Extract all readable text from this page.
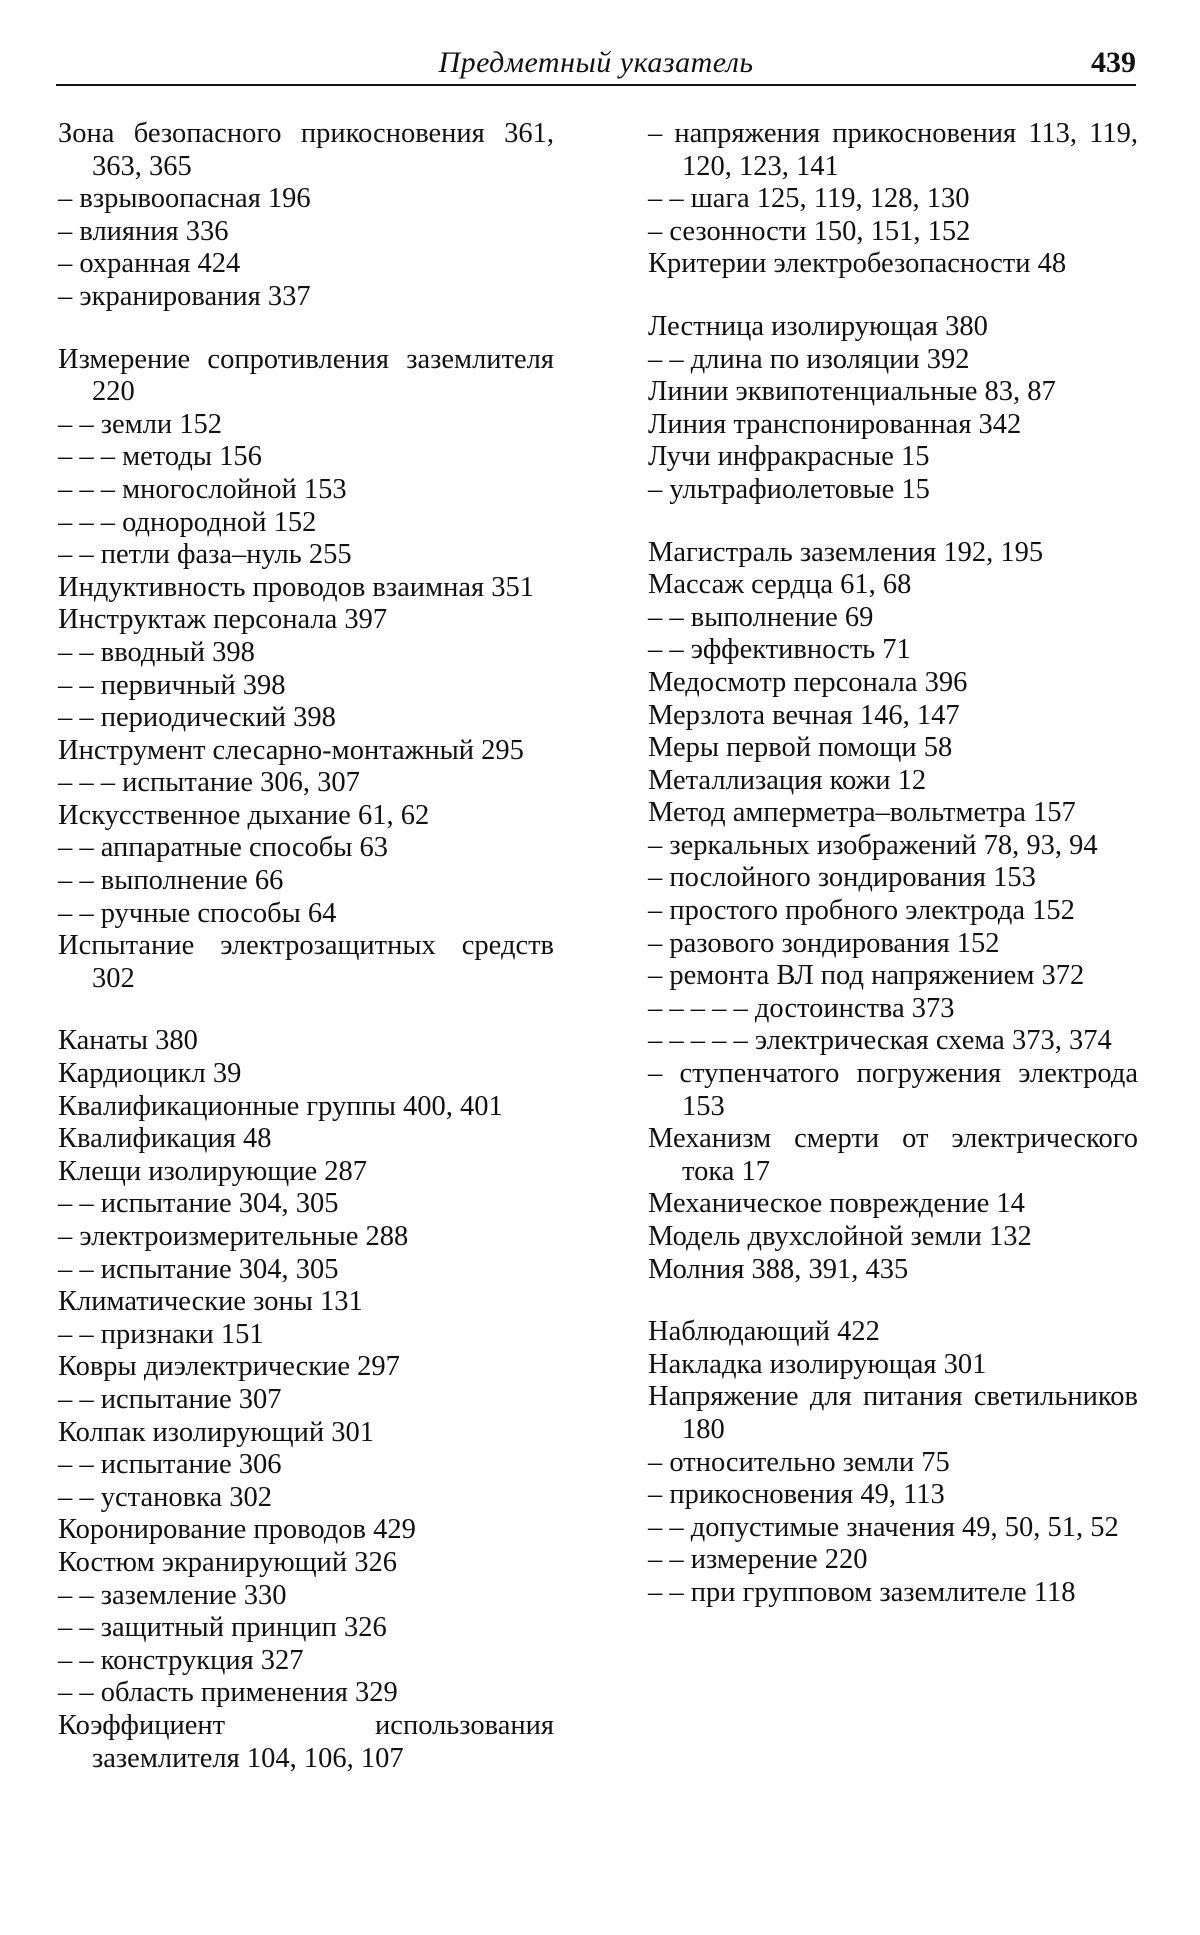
Предметный указатель	439

Зона безопасного прикосновения 361, 363, 365

– взрывоопасная 196

– влияния 336

– охранная 424

– экранирования 337

Измерение сопротивления заземлителя 220

– – земли 152

– – – методы 156

– – – многослойной 153

– – – однородной 152

– – петли фаза–нуль 255

Индуктивность проводов взаимная 351

Инструктаж персонала 397

– – вводный 398

– – первичный 398

– – периодический 398

Инструмент слесарно-монтажный 295

– – – испытание 306, 307

Искусственное дыхание 61, 62

– – аппаратные способы 63

– – выполнение 66

– – ручные способы 64

Испытание электрозащитных средств 302

Канаты 380

Кардиоцикл 39

Квалификационные группы 400, 401

Квалификация 48

Клещи изолирующие 287

– – испытание 304, 305

– электроизмерительные 288

– – испытание 304, 305

Климатические зоны 131

– – признаки 151

Ковры диэлектрические 297

– – испытание 307

Колпак изолирующий 301

– – испытание 306

– – установка 302

Коронирование проводов 429

Костюм экранирующий 326

– – заземление 330

– – защитный принцип 326

– – конструкция 327

– – область применения 329

Коэффициент использования заземлителя 104, 106, 107

– напряжения прикосновения 113, 119, 120, 123, 141

– – шага 125, 119, 128, 130

– сезонности 150, 151, 152

Критерии электробезопасности 48

Лестница изолирующая 380

– – длина по изоляции 392

Линии эквипотенциальные 83, 87

Линия транспонированная 342

Лучи инфракрасные 15

– ультрафиолетовые 15

Магистраль заземления 192, 195

Массаж сердца 61, 68

– – выполнение 69

– – эффективность 71

Медосмотр персонала 396

Мерзлота вечная 146, 147

Меры первой помощи 58

Металлизация кожи 12

Метод амперметра–вольтметра 157

– зеркальных изображений 78, 93, 94

– послойного зондирования 153

– простого пробного электрода 152

– разового зондирования 152

– ремонта ВЛ под напряжением 372

– – – – – достоинства 373

– – – – – электрическая схема 373, 374

– ступенчатого погружения электрода 153

Механизм смерти от электрического тока 17

Механическое повреждение 14

Модель двухслойной земли 132

Молния 388, 391, 435

Наблюдающий 422

Накладка изолирующая 301

Напряжение для питания светильников 180

– относительно земли 75

– прикосновения 49, 113

– – допустимые значения 49, 50, 51, 52

– – измерение 220

– – при групповом заземлителе 118
